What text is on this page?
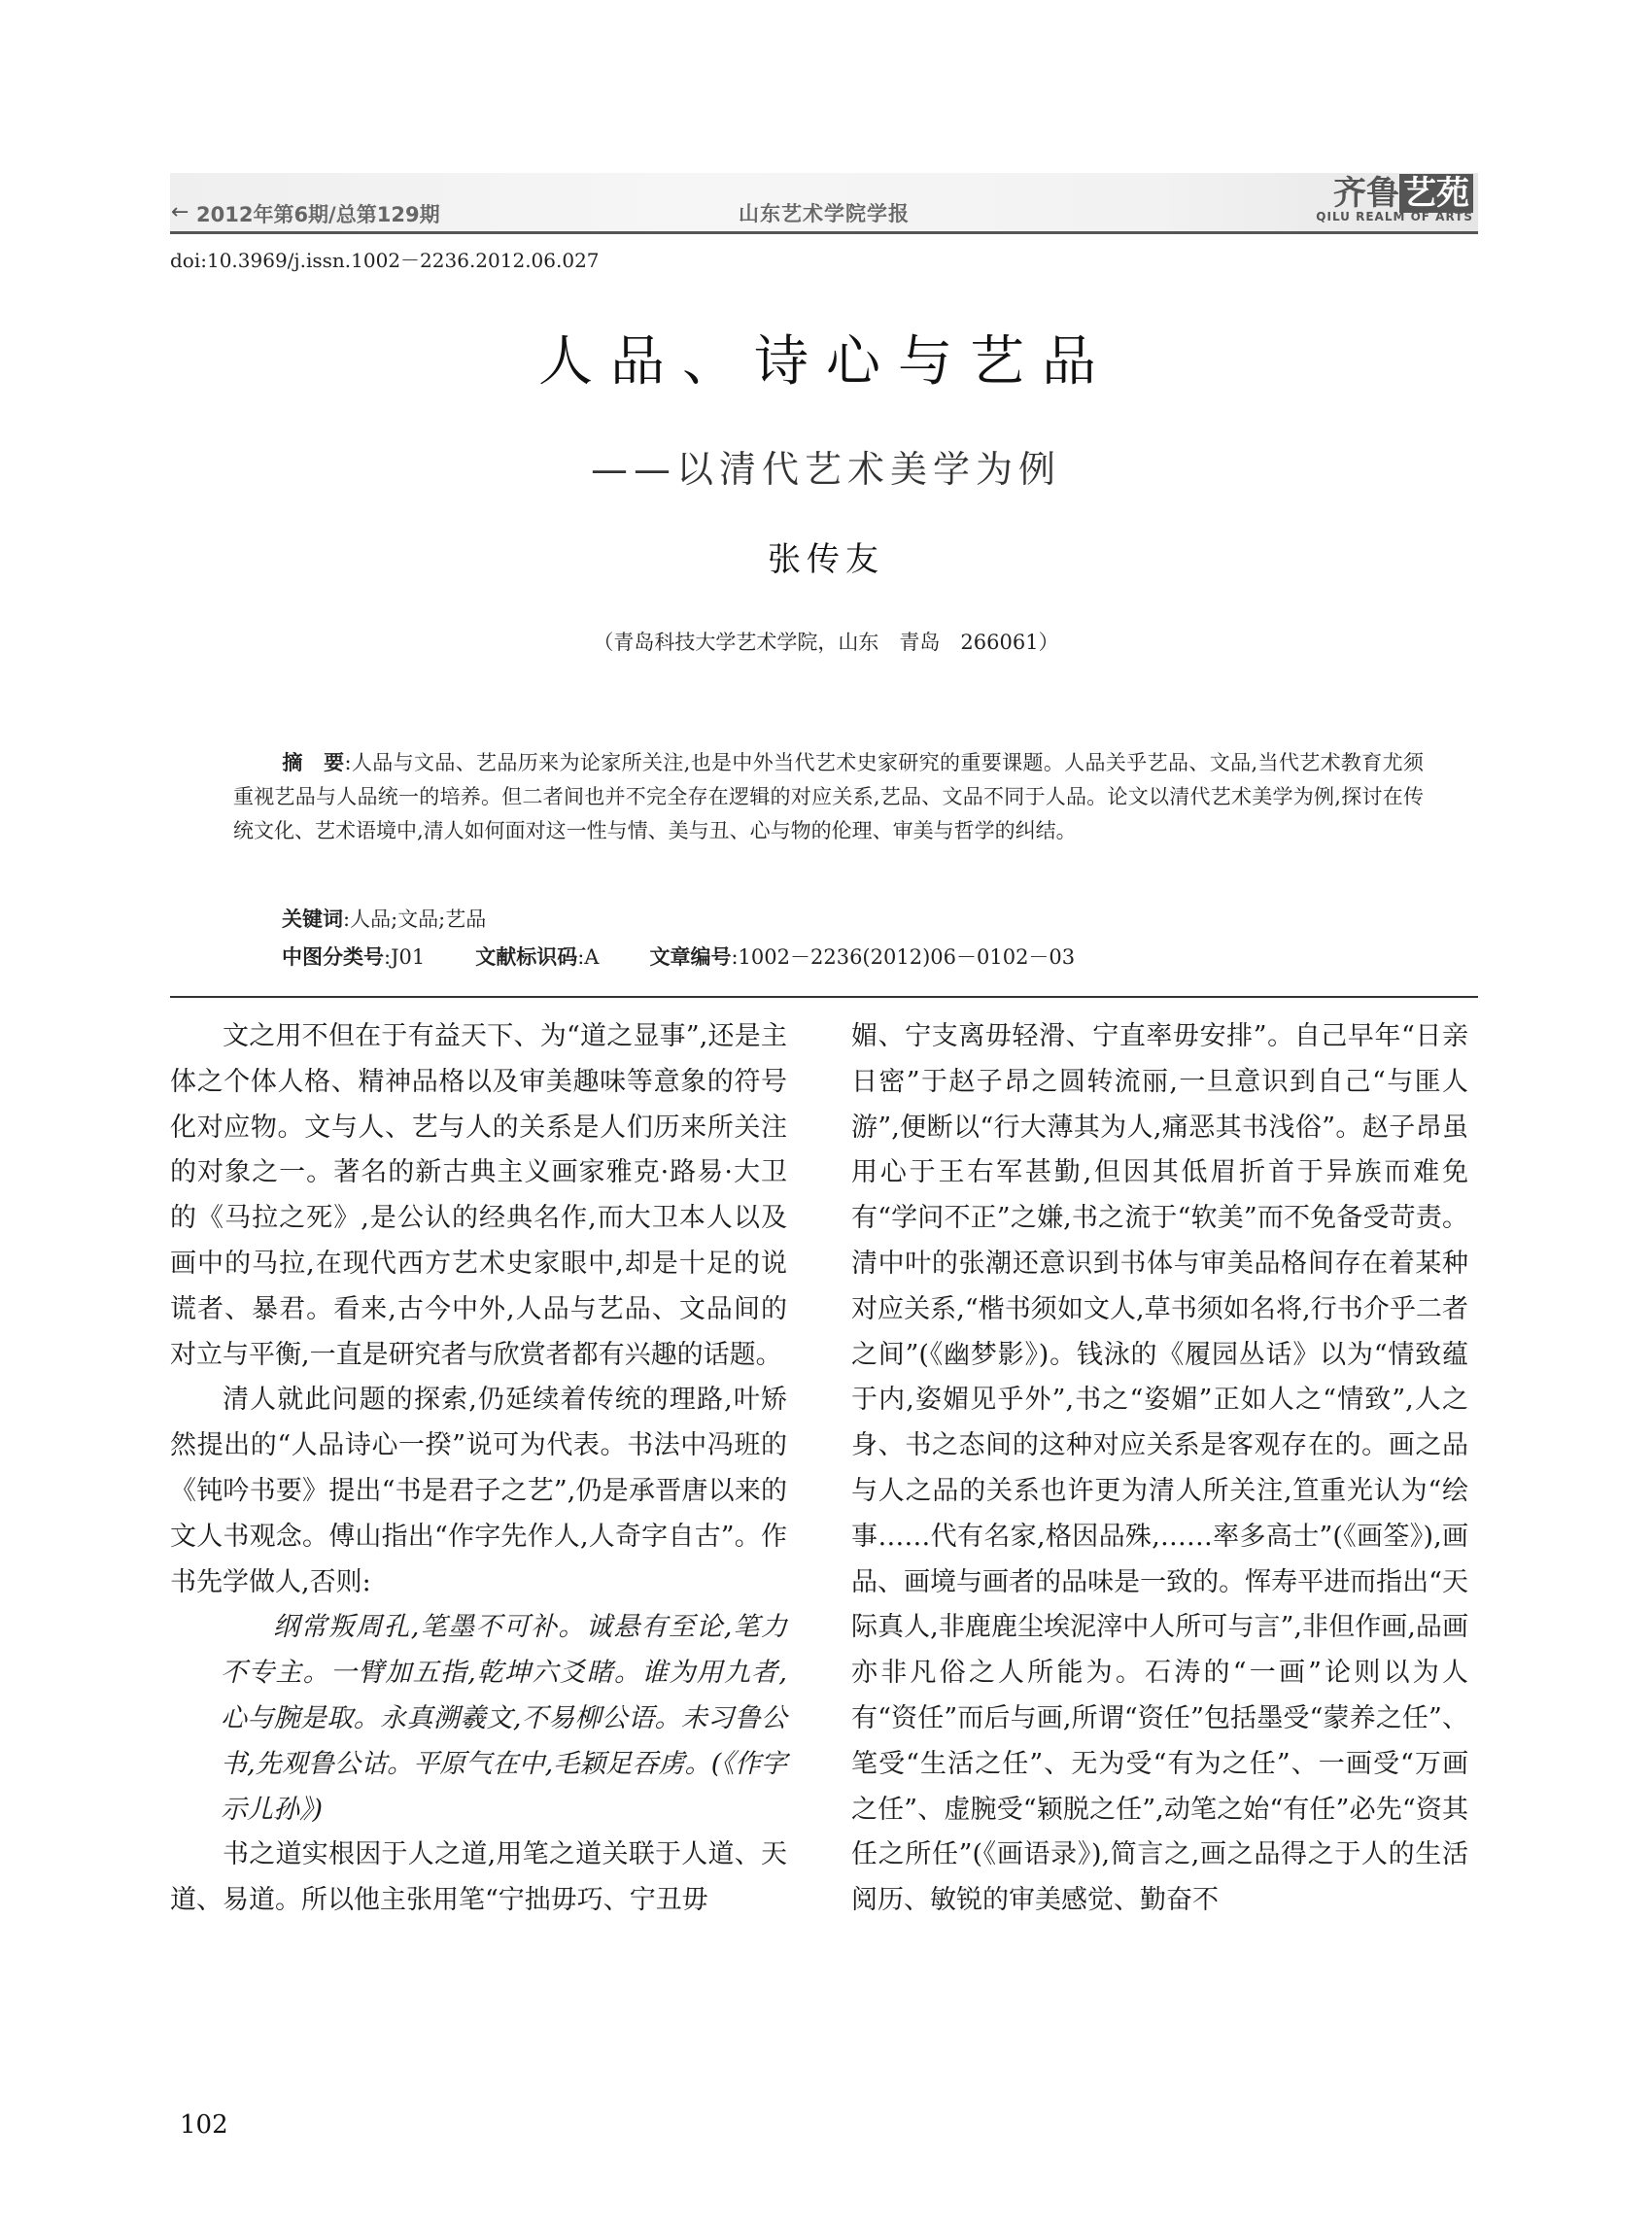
← 2012年第6期/总第129期	山东艺术学院学报
齐鲁 艺苑
QILU REALM OF ARTS
doi:10.3969/j.issn.1002－2236.2012.06.027
人品、诗心与艺品
——以清代艺术美学为例
张传友
（青岛科技大学艺术学院，山东　青岛　266061）
摘　要:人品与文品、艺品历来为论家所关注,也是中外当代艺术史家研究的重要课题。人品关乎艺品、文品,当代艺术教育尤须重视艺品与人品统一的培养。但二者间也并不完全存在逻辑的对应关系,艺品、文品不同于人品。论文以清代艺术美学为例,探讨在传统文化、艺术语境中,清人如何面对这一性与情、美与丑、心与物的伦理、审美与哲学的纠结。
关键词:人品;文品;艺品
中图分类号:J01 文献标识码:A 文章编号:1002－2236(2012)06－0102－03

文之用不但在于有益天下、为“道之显事”,还是主体之个体人格、精神品格以及审美趣味等意象的符号化对应物。文与人、艺与人的关系是人们历来所关注的对象之一。著名的新古典主义画家雅克·路易·大卫的《马拉之死》,是公认的经典名作,而大卫本人以及画中的马拉,在现代西方艺术史家眼中,却是十足的说谎者、暴君。看来,古今中外,人品与艺品、文品间的对立与平衡,一直是研究者与欣赏者都有兴趣的话题。

清人就此问题的探索,仍延续着传统的理路,叶矫然提出的“人品诗心一揆”说可为代表。书法中冯班的《钝吟书要》提出“书是君子之艺”,仍是承晋唐以来的文人书观念。傅山指出“作字先作人,人奇字自古”。作书先学做人,否则:

纲常叛周孔,笔墨不可补。诚悬有至论,笔力不专主。一臂加五指,乾坤六爻睹。谁为用九者,心与腕是取。永真溯羲文,不易柳公语。未习鲁公书,先观鲁公诂。平原气在中,毛颖足吞虏。(《作字示儿孙》)

书之道实根因于人之道,用笔之道关联于人道、天道、易道。所以他主张用笔“宁拙毋巧、宁丑毋

媚、宁支离毋轻滑、宁直率毋安排”。自己早年“日亲日密”于赵子昂之圆转流丽,一旦意识到自己“与匪人游”,便断以“行大薄其为人,痛恶其书浅俗”。赵子昂虽用心于王右军甚勤,但因其低眉折首于异族而难免有“学问不正”之嫌,书之流于“软美”而不免备受苛责。清中叶的张潮还意识到书体与审美品格间存在着某种对应关系,“楷书须如文人,草书须如名将,行书介乎二者之间”(《幽梦影》)。钱泳的《履园丛话》以为“情致蕴于内,姿媚见乎外”,书之“姿媚”正如人之“情致”,人之身、书之态间的这种对应关系是客观存在的。画之品与人之品的关系也许更为清人所关注,笪重光认为“绘事……代有名家,格因品殊,……率多高士”(《画筌》),画品、画境与画者的品味是一致的。恽寿平进而指出“天际真人,非鹿鹿尘埃泥滓中人所可与言”,非但作画,品画亦非凡俗之人所能为。石涛的“一画”论则以为人有“资任”而后与画,所谓“资任”包括墨受“蒙养之任”、笔受“生活之任”、无为受“有为之任”、一画受“万画之任”、虚腕受“颖脱之任”,动笔之始“有任”必先“资其任之所任”(《画语录》),简言之,画之品得之于人的生活阅历、敏锐的审美感觉、勤奋不

102
